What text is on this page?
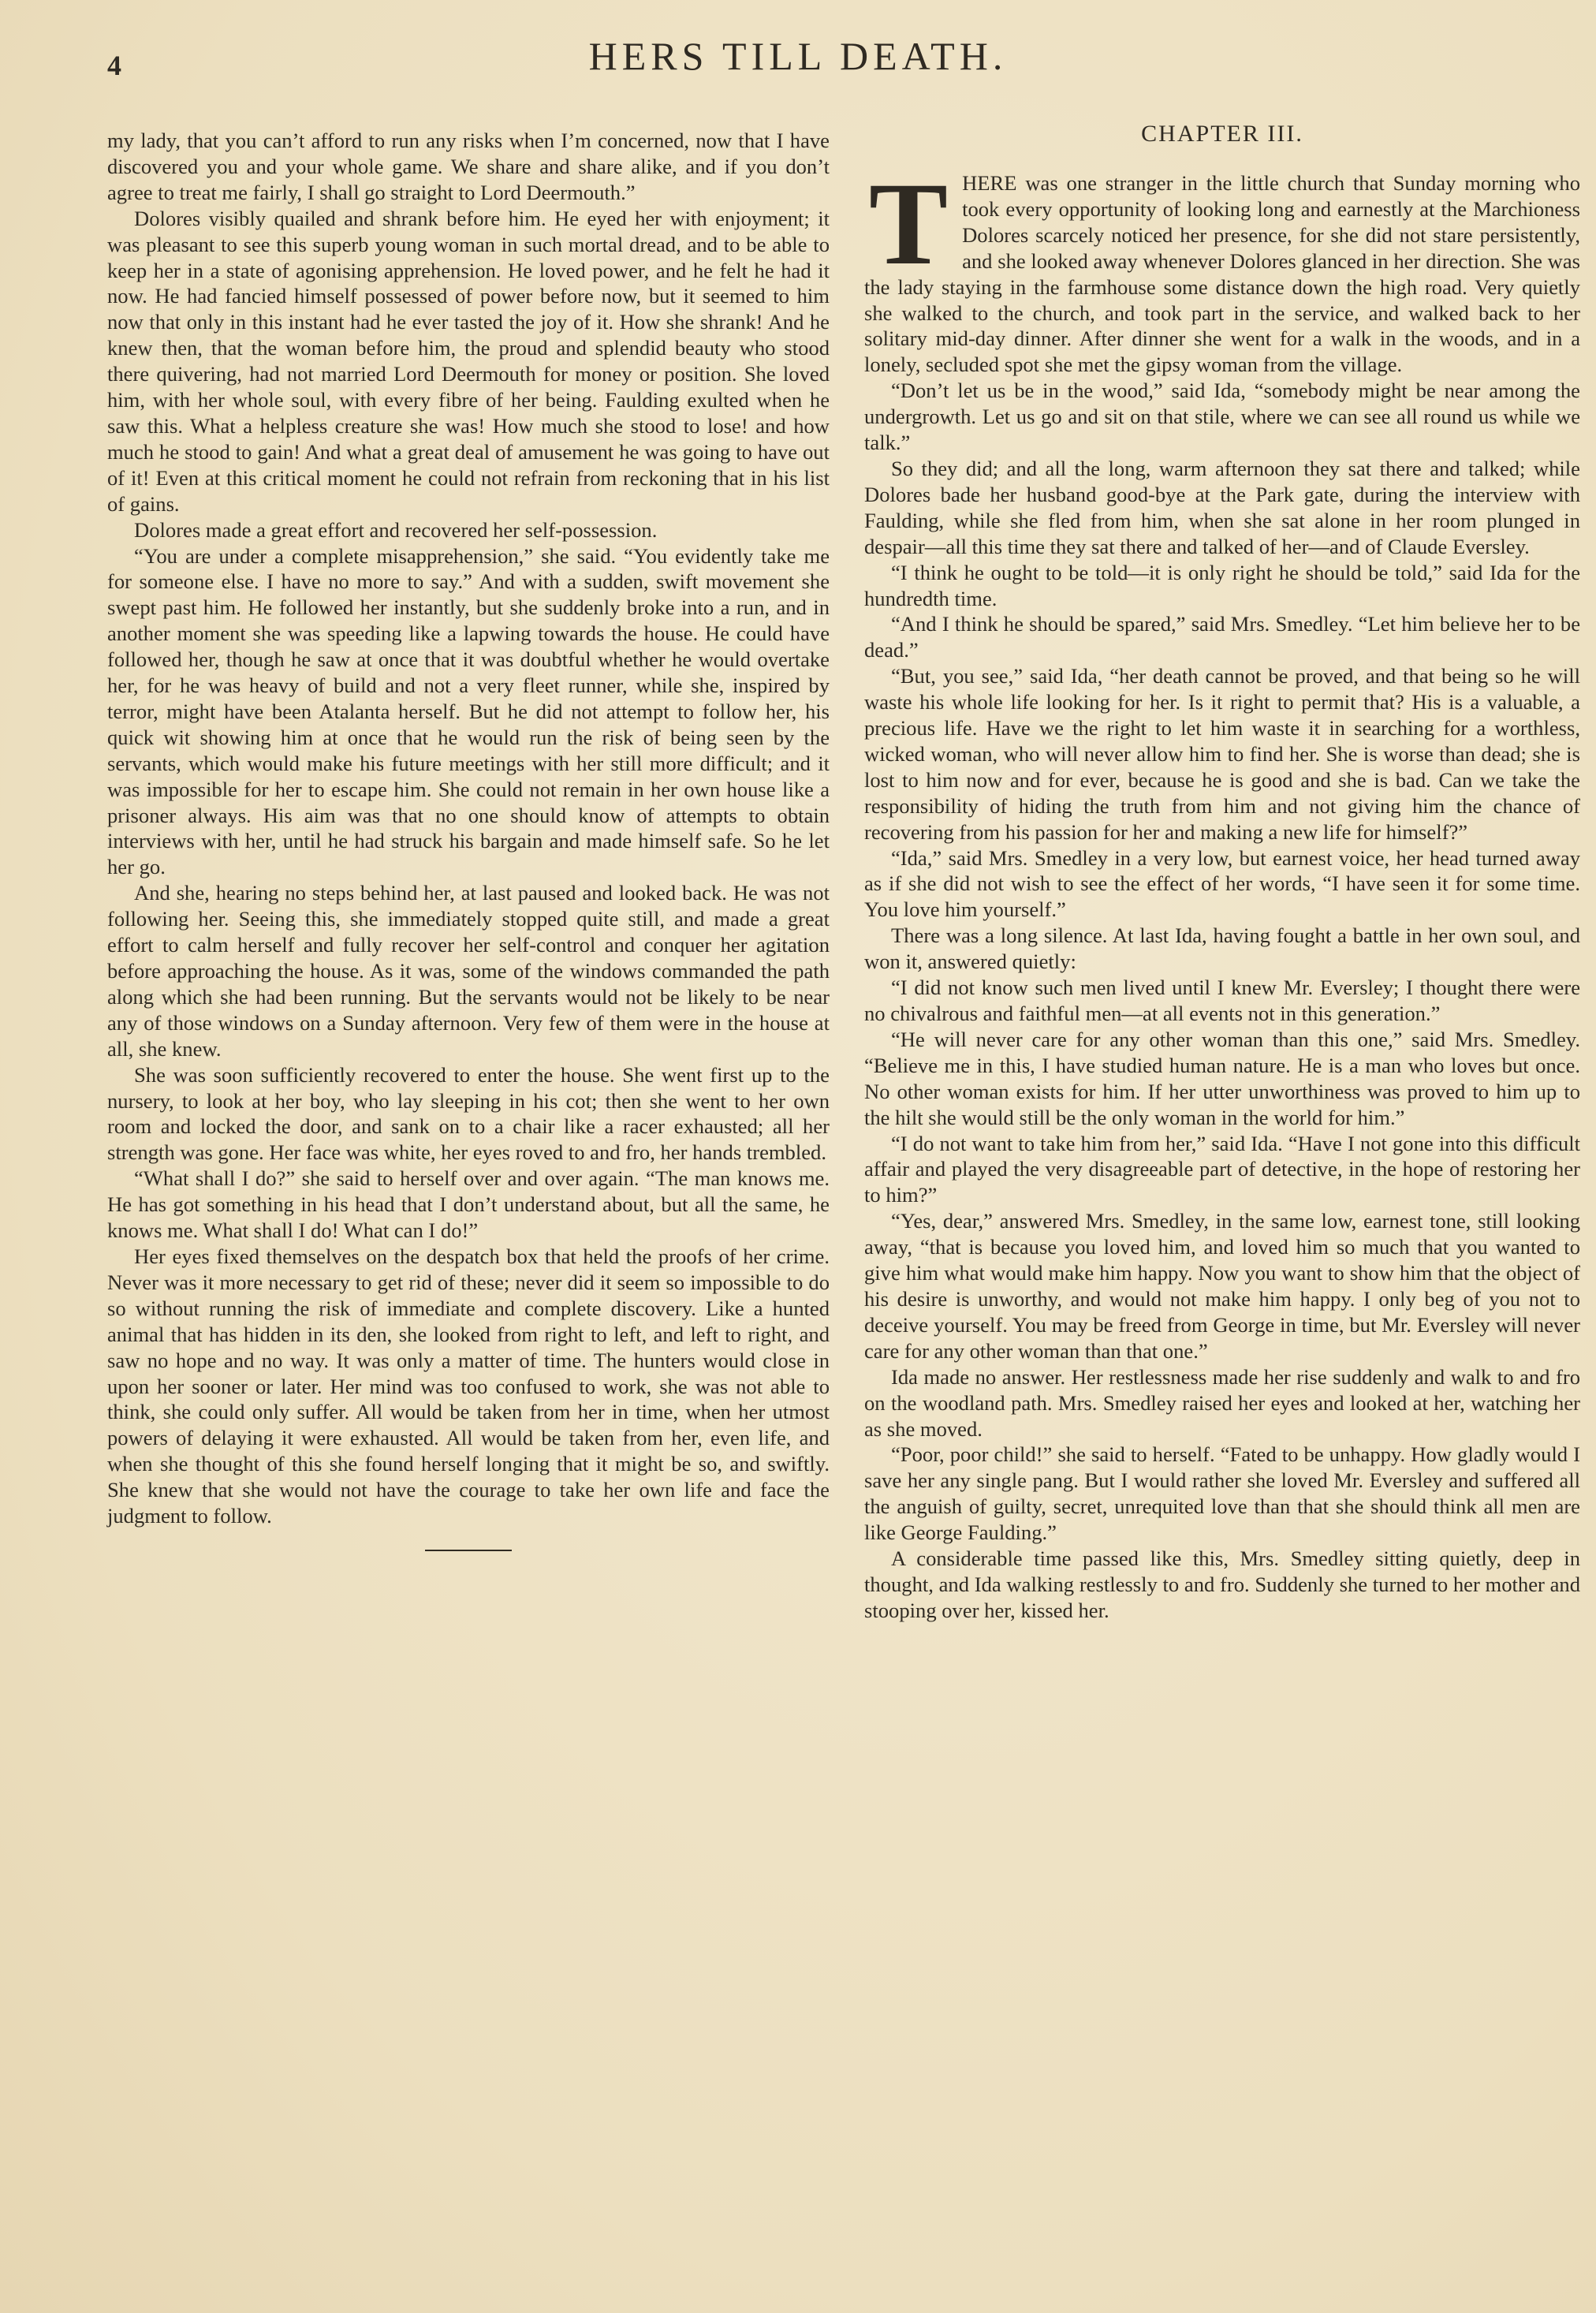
4	HERS TILL DEATH.

my lady, that you can’t afford to run any risks when I’m concerned, now that I have discovered you and your whole game. We share and share alike, and if you don’t agree to treat me fairly, I shall go straight to Lord Deermouth.”

Dolores visibly quailed and shrank before him. He eyed her with enjoyment; it was pleasant to see this superb young woman in such mortal dread, and to be able to keep her in a state of agonising apprehension. He loved power, and he felt he had it now. He had fancied himself possessed of power before now, but it seemed to him now that only in this instant had he ever tasted the joy of it. How she shrank! And he knew then, that the woman before him, the proud and splendid beauty who stood there quivering, had not married Lord Deermouth for money or position. She loved him, with her whole soul, with every fibre of her being. Faulding exulted when he saw this. What a helpless creature she was! How much she stood to lose! and how much he stood to gain! And what a great deal of amusement he was going to have out of it! Even at this critical moment he could not refrain from reckoning that in his list of gains.

Dolores made a great effort and recovered her self-possession.

“You are under a complete misapprehension,” she said. “You evidently take me for someone else. I have no more to say.” And with a sudden, swift movement she swept past him. He followed her instantly, but she suddenly broke into a run, and in another moment she was speeding like a lapwing towards the house. He could have followed her, though he saw at once that it was doubtful whether he would overtake her, for he was heavy of build and not a very fleet runner, while she, inspired by terror, might have been Atalanta herself. But he did not attempt to follow her, his quick wit showing him at once that he would run the risk of being seen by the servants, which would make his future meetings with her still more difficult; and it was impossible for her to escape him. She could not remain in her own house like a prisoner always. His aim was that no one should know of attempts to obtain interviews with her, until he had struck his bargain and made himself safe. So he let her go.

And she, hearing no steps behind her, at last paused and looked back. He was not following her. Seeing this, she immediately stopped quite still, and made a great effort to calm herself and fully recover her self-control and conquer her agitation before approaching the house. As it was, some of the windows commanded the path along which she had been running. But the servants would not be likely to be near any of those windows on a Sunday afternoon. Very few of them were in the house at all, she knew.

She was soon sufficiently recovered to enter the house. She went first up to the nursery, to look at her boy, who lay sleeping in his cot; then she went to her own room and locked the door, and sank on to a chair like a racer exhausted; all her strength was gone. Her face was white, her eyes roved to and fro, her hands trembled.

“What shall I do?” she said to herself over and over again. “The man knows me. He has got something in his head that I don’t understand about, but all the same, he knows me. What shall I do! What can I do!”

Her eyes fixed themselves on the despatch box that held the proofs of her crime. Never was it more necessary to get rid of these; never did it seem so impossible to do so without running the risk of immediate and complete discovery. Like a hunted animal that has hidden in its den, she looked from right to left, and left to right, and saw no hope and no way. It was only a matter of time. The hunters would close in upon her sooner or later. Her mind was too confused to work, she was not able to think, she could only suffer. All would be taken from her in time, when her utmost powers of delaying it were exhausted. All would be taken from her, even life, and when she thought of this she found herself longing that it might be so, and swiftly. She knew that she would not have the courage to take her own life and face the judgment to follow.

CHAPTER III.

THERE was one stranger in the little church that Sunday morning who took every opportunity of looking long and earnestly at the Marchioness Dolores scarcely noticed her presence, for she did not stare persistently, and she looked away whenever Dolores glanced in her direction. She was the lady staying in the farmhouse some distance down the high road. Very quietly she walked to the church, and took part in the service, and walked back to her solitary mid-day dinner. After dinner she went for a walk in the woods, and in a lonely, secluded spot she met the gipsy woman from the village.

“Don’t let us be in the wood,” said Ida, “somebody might be near among the undergrowth. Let us go and sit on that stile, where we can see all round us while we talk.”

So they did; and all the long, warm afternoon they sat there and talked; while Dolores bade her husband good-bye at the Park gate, during the interview with Faulding, while she fled from him, when she sat alone in her room plunged in despair—all this time they sat there and talked of her—and of Claude Eversley.

“I think he ought to be told—it is only right he should be told,” said Ida for the hundredth time.

“And I think he should be spared,” said Mrs. Smedley. “Let him believe her to be dead.”

“But, you see,” said Ida, “her death cannot be proved, and that being so he will waste his whole life looking for her. Is it right to permit that? His is a valuable, a precious life. Have we the right to let him waste it in searching for a worthless, wicked woman, who will never allow him to find her. She is worse than dead; she is lost to him now and for ever, because he is good and she is bad. Can we take the responsibility of hiding the truth from him and not giving him the chance of recovering from his passion for her and making a new life for himself?”

“Ida,” said Mrs. Smedley in a very low, but earnest voice, her head turned away as if she did not wish to see the effect of her words, “I have seen it for some time. You love him yourself.”

There was a long silence. At last Ida, having fought a battle in her own soul, and won it, answered quietly:

“I did not know such men lived until I knew Mr. Eversley; I thought there were no chivalrous and faithful men—at all events not in this generation.”

“He will never care for any other woman than this one,” said Mrs. Smedley. “Believe me in this, I have studied human nature. He is a man who loves but once. No other woman exists for him. If her utter unworthiness was proved to him up to the hilt she would still be the only woman in the world for him.”

“I do not want to take him from her,” said Ida. “Have I not gone into this difficult affair and played the very disagreeable part of detective, in the hope of restoring her to him?”

“Yes, dear,” answered Mrs. Smedley, in the same low, earnest tone, still looking away, “that is because you loved him, and loved him so much that you wanted to give him what would make him happy. Now you want to show him that the object of his desire is unworthy, and would not make him happy. I only beg of you not to deceive yourself. You may be freed from George in time, but Mr. Eversley will never care for any other woman than that one.”

Ida made no answer. Her restlessness made her rise suddenly and walk to and fro on the woodland path. Mrs. Smedley raised her eyes and looked at her, watching her as she moved.

“Poor, poor child!” she said to herself. “Fated to be unhappy. How gladly would I save her any single pang. But I would rather she loved Mr. Eversley and suffered all the anguish of guilty, secret, unrequited love than that she should think all men are like George Faulding.”

A considerable time passed like this, Mrs. Smedley sitting quietly, deep in thought, and Ida walking restlessly to and fro. Suddenly she turned to her mother and stooping over her, kissed her.
